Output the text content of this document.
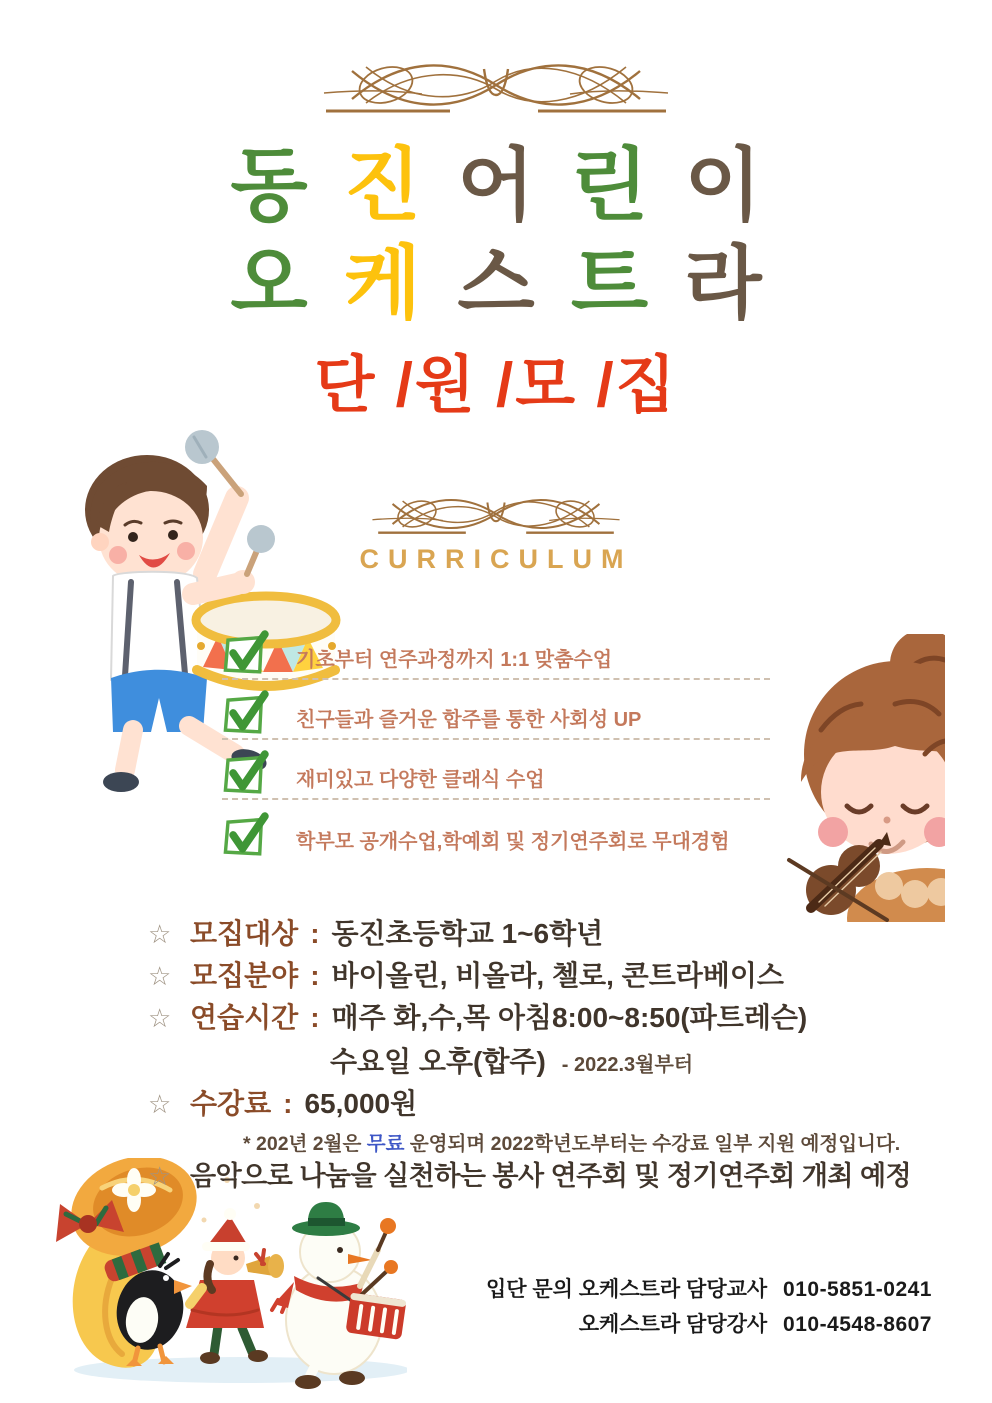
동 진 어 린 이
오 케 스 트 라
단 /원 /모 /집
CURRICULUM
기초부터 연주과정까지 1:1 맞춤수업
친구들과 즐거운 합주를 통한 사회성 UP
재미있고 다양한 클래식 수업
학부모 공개수업,학예회 및 정기연주회로 무대경험
☆ 모집대상 : 동진초등학교 1~6학년
☆ 모집분야 : 바이올린, 비올라, 첼로, 콘트라베이스
☆ 연습시간 : 매주 화,수,목 아침8:00~8:50(파트레슨)
수요일 오후(합주) - 2022.3월부터
☆ 수강료 : 65,000원
* 202년 2월은 무료 운영되며 2022학년도부터는 수강료 일부 지원 예정입니다.
☆ 음악으로 나눔을 실천하는 봉사 연주회 및 정기연주회 개최 예정
입단 문의 오케스트라 담당교사 010-5851-0241
오케스트라 담당강사 010-4548-8607
